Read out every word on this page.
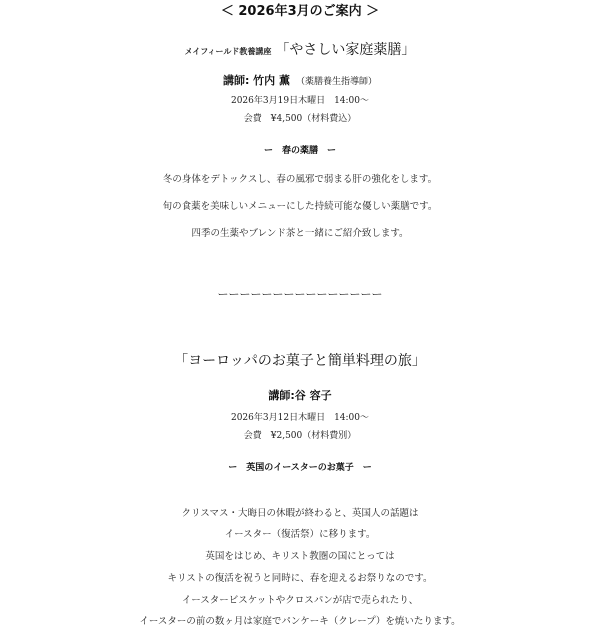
＜ 2026年3月のご案内 ＞
メイフィールド教養講座 「やさしい家庭薬膳」
講師: 竹内 薫 （薬膳養生指導師）
2026年3月19日木曜日　14:00～
会費　¥4,500（材料費込）
ー　春の薬膳　ー
冬の身体をデトックスし、春の風邪で弱まる肝の強化をします。
旬の食薬を美味しいメニューにした持続可能な優しい薬膳です。
四季の生薬やブレンド茶と一緒にご紹介致します。
ーーーーーーーーーーーーーーー
「ヨーロッパのお菓子と簡単料理の旅」
講師:谷 容子
2026年3月12日木曜日　14:00～
会費　¥2,500（材料費別）
ー　英国のイースターのお菓子　ー
クリスマス・大晦日の休暇が終わると、英国人の話題は
イースター（復活祭）に移ります。
英国をはじめ、キリスト教圏の国にとっては
キリストの復活を祝うと同時に、春を迎えるお祭りなのです。
イースタービスケットやクロスパンが店で売られたり、
イースターの前の数ヶ月は家庭でパンケーキ（クレープ）を焼いたります。
